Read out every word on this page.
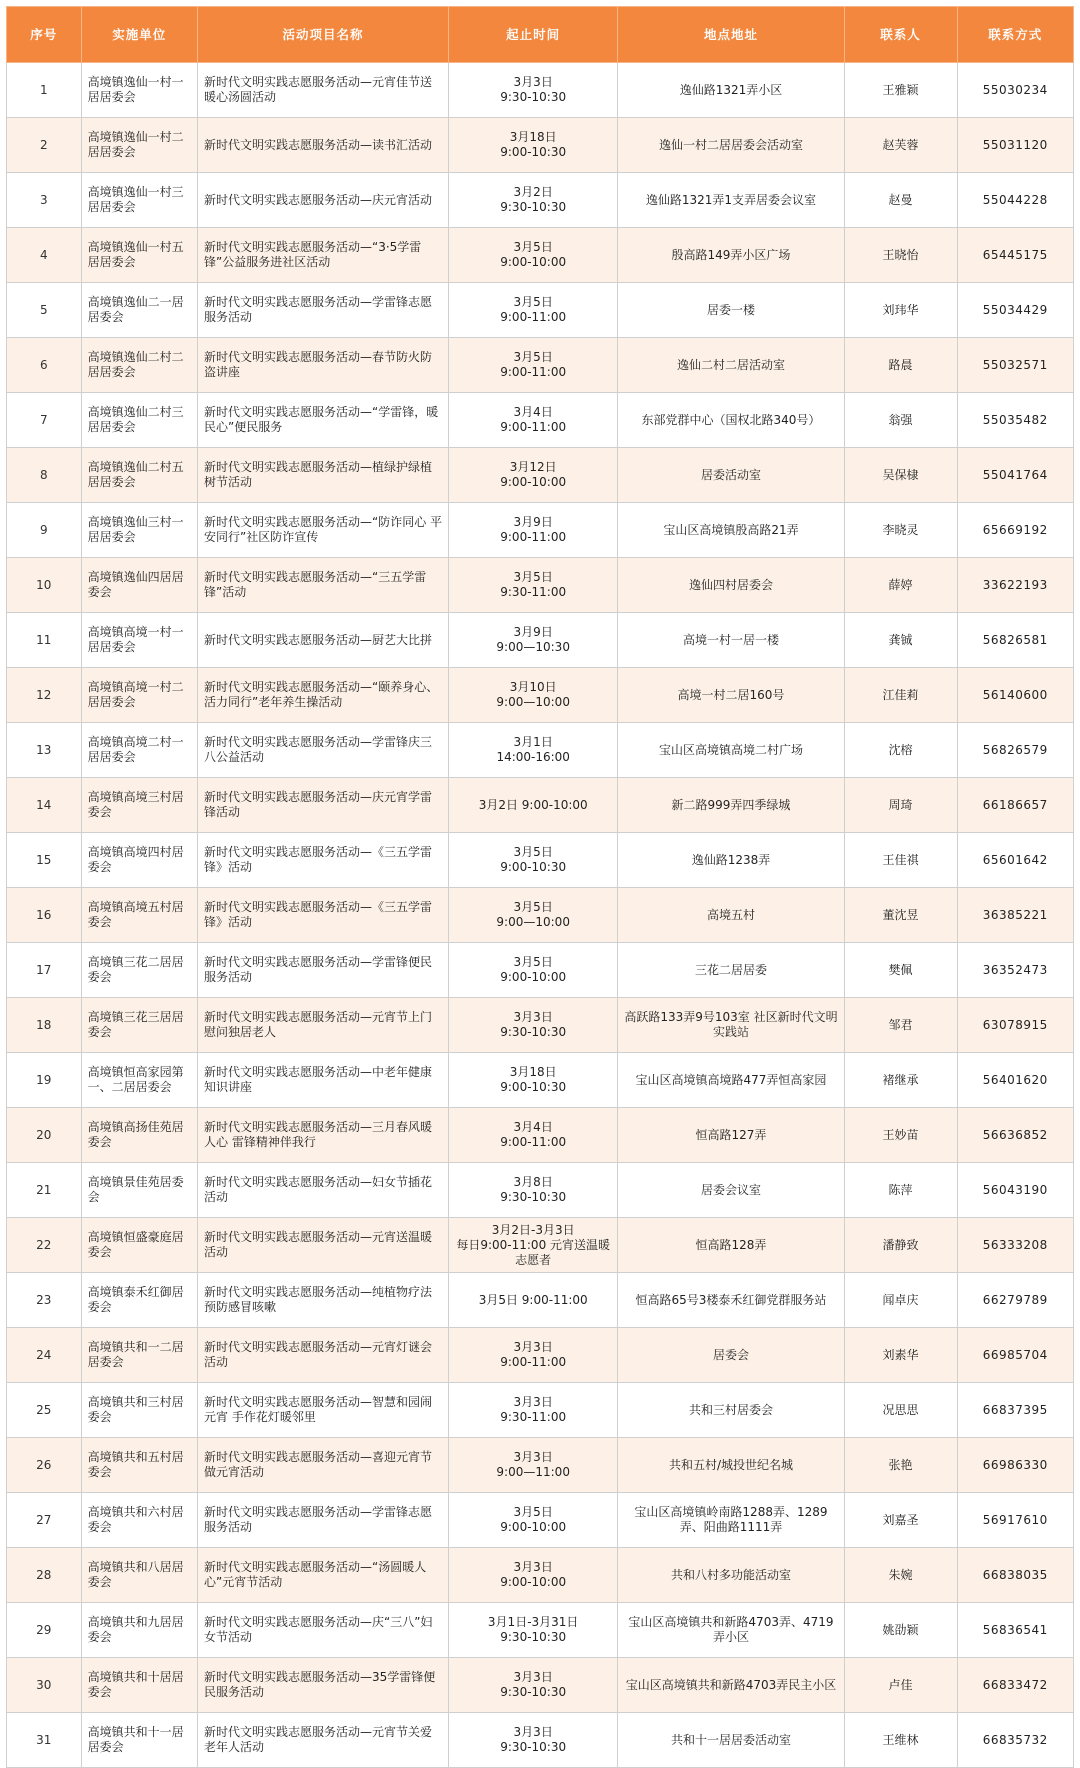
序号	实施单位	活动项目名称	起止时间	地点地址	联系人	联系方式
1	高境镇逸仙一村一居居委会	新时代文明实践志愿服务活动—元宵佳节送暖心汤圆活动	3月3日
9:30-10:30	逸仙路1321弄小区	王雅颖	55030234
2	高境镇逸仙一村二居居委会	新时代文明实践志愿服务活动—读书汇活动	3月18日
9:00-10:30	逸仙一村二居居委会活动室	赵芙蓉	55031120
3	高境镇逸仙一村三居居委会	新时代文明实践志愿服务活动—庆元宵活动	3月2日
9:30-10:30	逸仙路1321弄1支弄居委会议室	赵曼	55044228
4	高境镇逸仙一村五居居委会	新时代文明实践志愿服务活动—“3·5学雷锋”公益服务进社区活动	3月5日
9:00-10:00	殷高路149弄小区广场	王晓怡	65445175
5	高境镇逸仙二一居居委会	新时代文明实践志愿服务活动—学雷锋志愿服务活动	3月5日
9:00-11:00	居委一楼	刘玮华	55034429
6	高境镇逸仙二村二居居委会	新时代文明实践志愿服务活动—春节防火防盗讲座	3月5日
9:00-11:00	逸仙二村二居活动室	路晨	55032571
7	高境镇逸仙二村三居居委会	新时代文明实践志愿服务活动—“学雷锋，暖民心”便民服务	3月4日
9:00-11:00	东部党群中心（国权北路340号）	翁强	55035482
8	高境镇逸仙二村五居居委会	新时代文明实践志愿服务活动—植绿护绿植树节活动	3月12日
9:00-10:00	居委活动室	吴保棣	55041764
9	高境镇逸仙三村一居居委会	新时代文明实践志愿服务活动—“防诈同心 平安同行”社区防诈宣传	3月9日
9:00-11:00	宝山区高境镇殷高路21弄	李晓灵	65669192
10	高境镇逸仙四居居委会	新时代文明实践志愿服务活动—“三五学雷锋”活动	3月5日
9:30-11:00	逸仙四村居委会	薛婷	33622193
11	高境镇高境一村一居居委会	新时代文明实践志愿服务活动—厨艺大比拼	3月9日
9:00—10:30	高境一村一居一楼	龚铖	56826581
12	高境镇高境一村二居居委会	新时代文明实践志愿服务活动—“颐养身心、活力同行”老年养生操活动	3月10日
9:00—10:00	高境一村二居160号	江佳莉	56140600
13	高境镇高境二村一居居委会	新时代文明实践志愿服务活动—学雷锋庆三八公益活动	3月1日
14:00-16:00	宝山区高境镇高境二村广场	沈榕	56826579
14	高境镇高境三村居委会	新时代文明实践志愿服务活动—庆元宵学雷锋活动	3月2日 9:00-10:00	新二路999弄四季绿城	周琦	66186657
15	高境镇高境四村居委会	新时代文明实践志愿服务活动—《三五学雷锋》活动	3月5日
9:00-10:30	逸仙路1238弄	王佳祺	65601642
16	高境镇高境五村居委会	新时代文明实践志愿服务活动—《三五学雷锋》活动	3月5日
9:00—10:00	高境五村	董沈昱	36385221
17	高境镇三花二居居委会	新时代文明实践志愿服务活动—学雷锋便民服务活动	3月5日
9:00-10:00	三花二居居委	樊佩	36352473
18	高境镇三花三居居委会	新时代文明实践志愿服务活动—元宵节上门慰问独居老人	3月3日
9:30-10:30	高跃路133弄9号103室 社区新时代文明实践站	邹君	63078915
19	高境镇恒高家园第一、二居居委会	新时代文明实践志愿服务活动—中老年健康知识讲座	3月18日
9:00-10:30	宝山区高境镇高境路477弄恒高家园	褚继承	56401620
20	高境镇高扬佳苑居委会	新时代文明实践志愿服务活动—三月春风暖人心 雷锋精神伴我行	3月4日
9:00-11:00	恒高路127弄	王妙苗	56636852
21	高境镇景佳苑居委会	新时代文明实践志愿服务活动—妇女节插花活动	3月8日
9:30-10:30	居委会议室	陈萍	56043190
22	高境镇恒盛豪庭居委会	新时代文明实践志愿服务活动—元宵送温暖活动	3月2日-3月3日
每日9:00-11:00 元宵送温暖志愿者	恒高路128弄	潘静致	56333208
23	高境镇泰禾红御居委会	新时代文明实践志愿服务活动—纯植物疗法预防感冒咳嗽	3月5日 9:00-11:00	恒高路65号3楼泰禾红御党群服务站	闻卓庆	66279789
24	高境镇共和一二居居委会	新时代文明实践志愿服务活动—元宵灯谜会活动	3月3日
9:00-11:00	居委会	刘素华	66985704
25	高境镇共和三村居委会	新时代文明实践志愿服务活动—智慧和园闹元宵 手作花灯暖邻里	3月3日
9:30-11:00	共和三村居委会	况思思	66837395
26	高境镇共和五村居委会	新时代文明实践志愿服务活动—喜迎元宵节做元宵活动	3月3日
9:00—11:00	共和五村/城投世纪名城	张艳	66986330
27	高境镇共和六村居委会	新时代文明实践志愿服务活动—学雷锋志愿服务活动	3月5日
9:00-10:00	宝山区高境镇岭南路1288弄、1289弄、阳曲路1111弄	刘嘉圣	56917610
28	高境镇共和八居居委会	新时代文明实践志愿服务活动—“汤圆暖人心”元宵节活动	3月3日
9:00-10:00	共和八村多功能活动室	朱婉	66838035
29	高境镇共和九居居委会	新时代文明实践志愿服务活动—庆“三八”妇女节活动	3月1日-3月31日
9:30-10:30	宝山区高境镇共和新路4703弄、4719弄小区	姚劭颖	56836541
30	高境镇共和十居居委会	新时代文明实践志愿服务活动—35学雷锋便民服务活动	3月3日
9:30-10:30	宝山区高境镇共和新路4703弄民主小区	卢佳	66833472
31	高境镇共和十一居居委会	新时代文明实践志愿服务活动—元宵节关爱老年人活动	3月3日
9:30-10:30	共和十一居居委活动室	王维林	66835732
